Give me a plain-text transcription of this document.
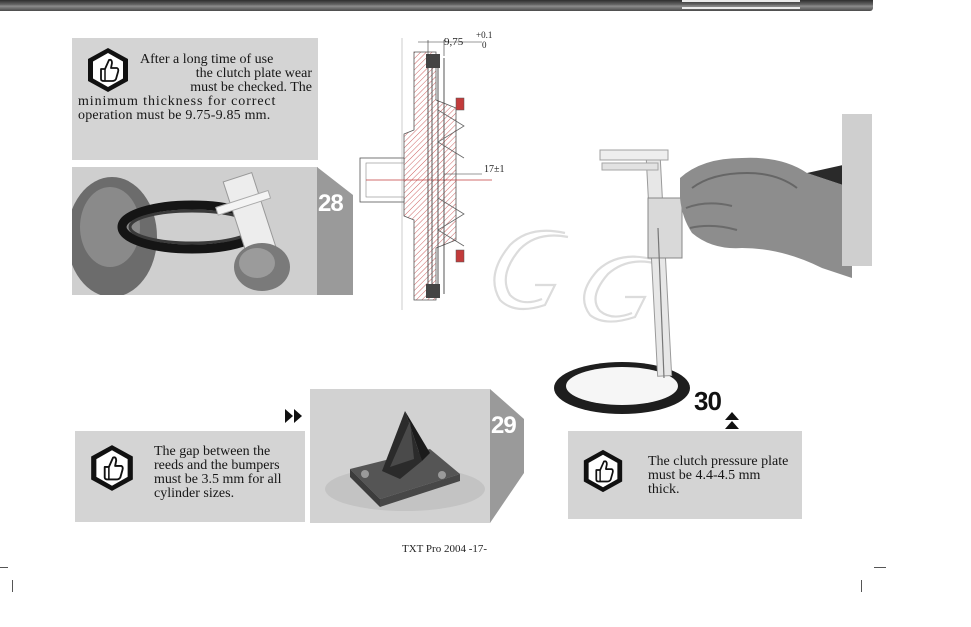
After a long time of use
the clutch plate wear
must be checked. The
minimum thickness for correct
operation must be 9.75-9.85 mm.
28
9,75
+0.1
0
17±1
30
29
The gap between the
reeds and the bumpers
must be 3.5 mm for all
cylinder sizes.
The clutch pressure plate
must be 4.4-4.5 mm
thick.
TXT Pro 2004 -17-
